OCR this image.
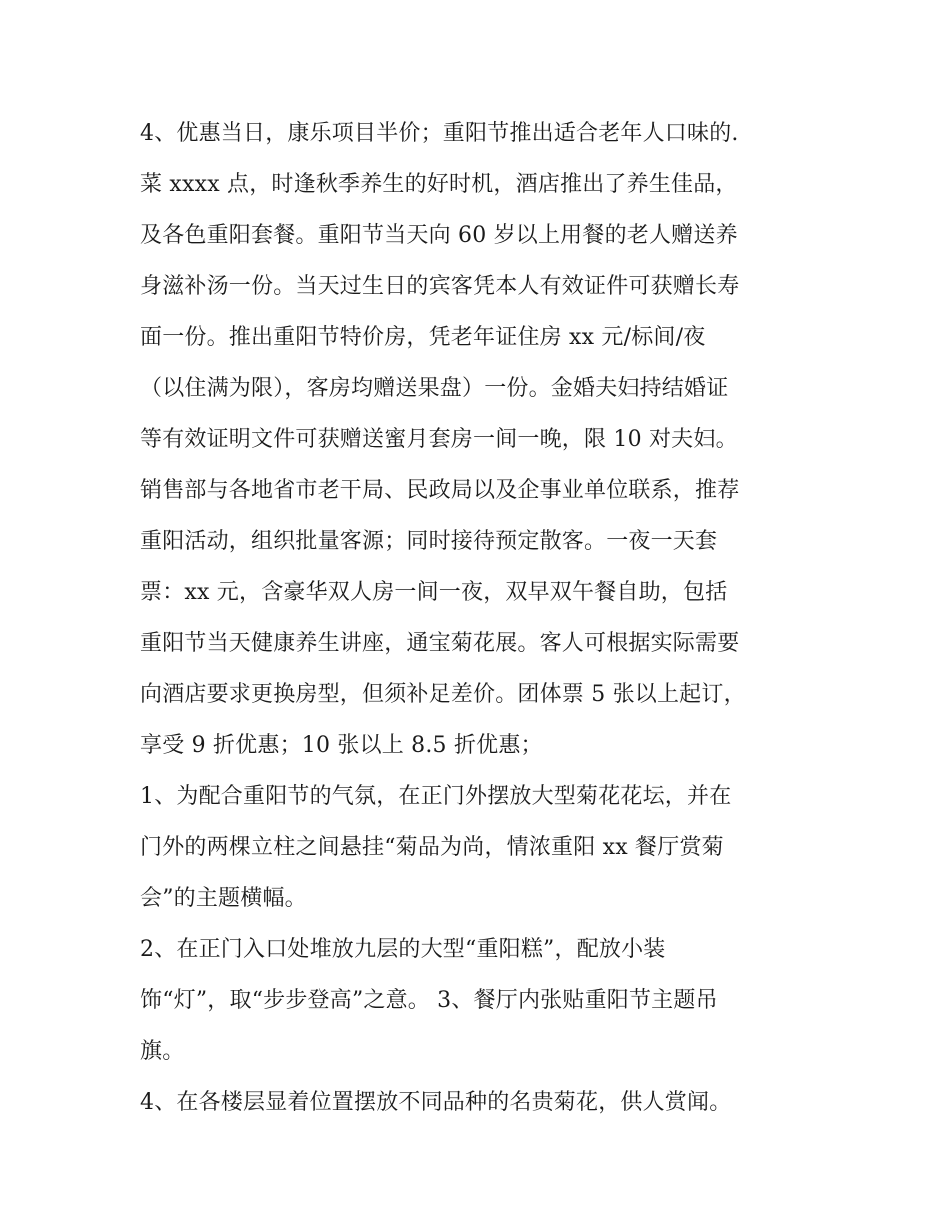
4、优惠当日，康乐项目半价；重阳节推出适合老年人口味的.
菜 xxxx 点，时逢秋季养生的好时机，酒店推出了养生佳品，
及各色重阳套餐。重阳节当天向 60 岁以上用餐的老人赠送养
身滋补汤一份。当天过生日的宾客凭本人有效证件可获赠长寿
面一份。推出重阳节特价房，凭老年证住房 xx 元/标间/夜
（以住满为限），客房均赠送果盘）一份。金婚夫妇持结婚证
等有效证明文件可获赠送蜜月套房一间一晚，限 10 对夫妇。
销售部与各地省市老干局、民政局以及企事业单位联系，推荐
重阳活动，组织批量客源；同时接待预定散客。一夜一天套
票：xx 元，含豪华双人房一间一夜，双早双午餐自助，包括
重阳节当天健康养生讲座，通宝菊花展。客人可根据实际需要
向酒店要求更换房型，但须补足差价。团体票 5 张以上起订，
享受 9 折优惠；10 张以上 8.5 折优惠；
1、为配合重阳节的气氛，在正门外摆放大型菊花花坛，并在
门外的两棵立柱之间悬挂“菊品为尚，情浓重阳 xx 餐厅赏菊
会”的主题横幅。
2、在正门入口处堆放九层的大型“重阳糕”，配放小装
饰“灯”，取“步步登高”之意。 3、餐厅内张贴重阳节主题吊
旗。
4、在各楼层显着位置摆放不同品种的名贵菊花，供人赏闻。
